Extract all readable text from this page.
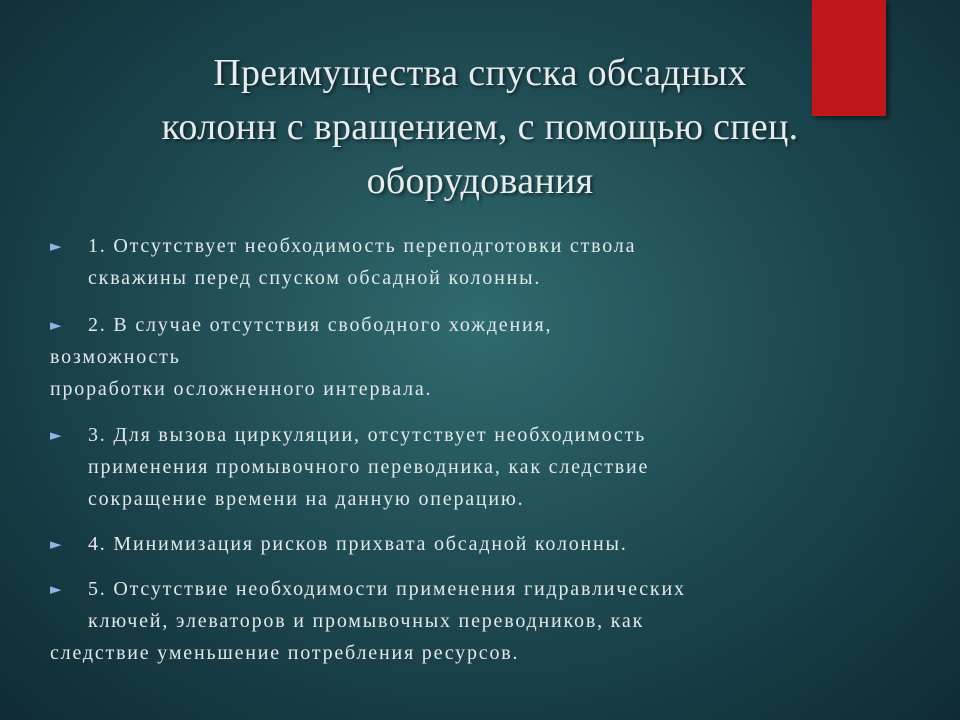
Преимущества спуска обсадных
колонн с вращением, с помощью спец.
оборудования
► 1. Отсутствует необходимость переподготовки ствола
скважины перед спуском обсадной колонны.
► 2. В случае отсутствия свободного хождения,
возможность
проработки осложненного интервала.
► 3. Для вызова циркуляции, отсутствует необходимость
применения промывочного переводника, как следствие
сокращение времени на данную операцию.
► 4. Минимизация рисков прихвата обсадной колонны.
► 5. Отсутствие необходимости применения гидравлических
ключей, элеваторов и промывочных переводников, как
следствие уменьшение потребления ресурсов.
